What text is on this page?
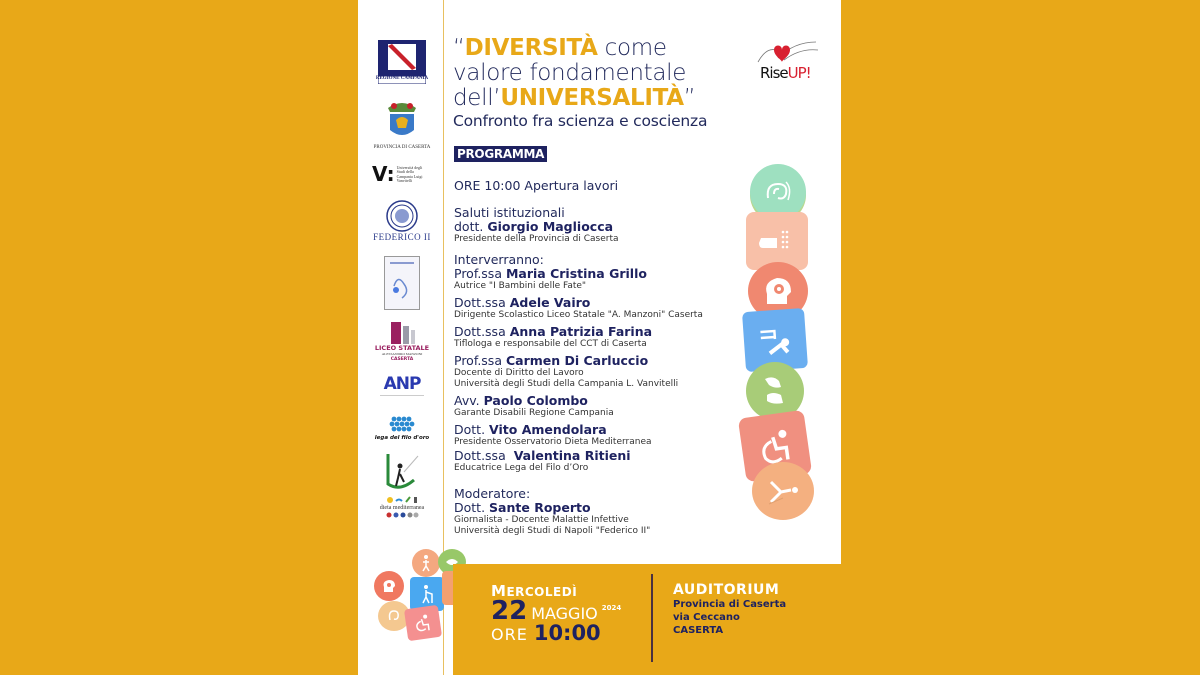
REGIONE CAMPANIA
PROVINCIA DI CASERTA
V: Università degli Studi della Campania Luigi Vanvitelli
FEDERICO II
LICEO STATALE
ALESSANDRO MANZONI
CASERTA
ANP
lega del filo d'oro
dieta mediterranea
“DIVERSITÀ come
valore fondamentale
dell’UNIVERSALITÀ”
Confronto fra scienza e coscienza
RiseUP!
PROGRAMMA
ORE 10:00 Apertura lavori
Saluti istituzionali
dott. Giorgio Magliocca
Presidente della Provincia di Caserta
Interverranno:
Prof.ssa Maria Cristina Grillo
Autrice "I Bambini delle Fate"
Dott.ssa Adele Vairo
Dirigente Scolastico Liceo Statale "A. Manzoni" Caserta
Dott.ssa Anna Patrizia Farina
Tiflologa e responsabile del CCT di Caserta
Prof.ssa Carmen Di Carluccio
Docente di Diritto del Lavoro
Università degli Studi della Campania L. Vanvitelli
Avv. Paolo Colombo
Garante Disabili Regione Campania
Dott. Vito Amendolara
Presidente Osservatorio Dieta Mediterranea
Dott.ssa Valentina Ritieni
Educatrice Lega del Filo d’Oro
Moderatore:
Dott. Sante Roperto
Giornalista - Docente Malattie Infettive
Università degli Studi di Napoli "Federico II"
MERCOLEDÌ
22 MAGGIO 2024
ORE 10:00
AUDITORIUM
Provincia di Caserta
via Ceccano
CASERTA
